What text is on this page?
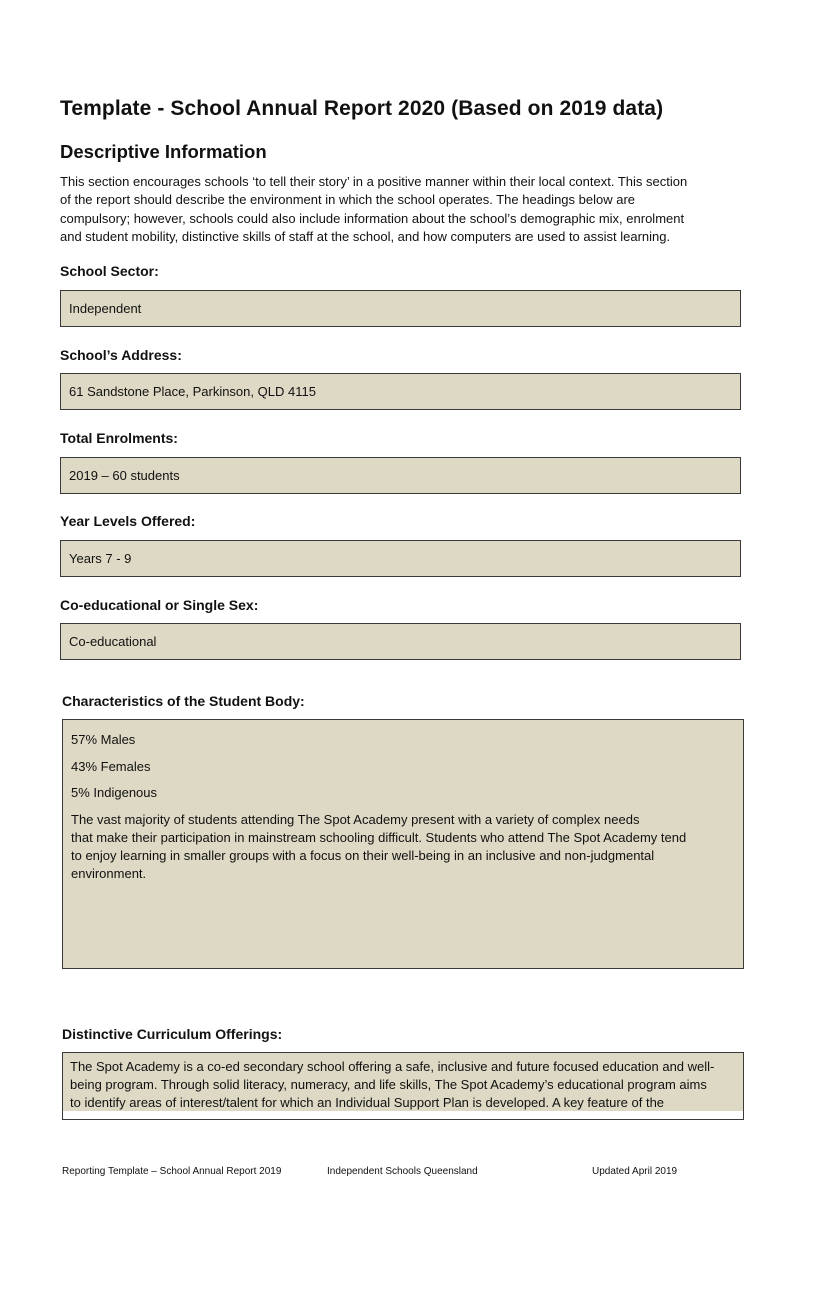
Template - School Annual Report 2020 (Based on 2019 data)
Descriptive Information

This section encourages schools ‘to tell their story’ in a positive manner within their local context. This section
of the report should describe the environment in which the school operates. The headings below are
compulsory; however, schools could also include information about the school’s demographic mix, enrolment
and student mobility, distinctive skills of staff at the school, and how computers are used to assist learning.

School Sector:
Independent
School’s Address:
61 Sandstone Place, Parkinson, QLD 4115
Total Enrolments:
2019 – 60 students
Year Levels Offered:
Years 7 - 9
Co-educational or Single Sex:
Co-educational
Characteristics of the Student Body:

57% Males

43% Females

5% Indigenous

The vast majority of students attending The Spot Academy present with a variety of complex needs
that make their participation in mainstream schooling difficult. Students who attend The Spot Academy tend
to enjoy learning in smaller groups with a focus on their well-being in an inclusive and non-judgmental
environment.
Distinctive Curriculum Offerings:
The Spot Academy is a co-ed secondary school offering a safe, inclusive and future focused education and well-
being program. Through solid literacy, numeracy, and life skills, The Spot Academy’s educational program aims
to identify areas of interest/talent for which an Individual Support Plan is developed. A key feature of the
Reporting Template – School Annual Report 2019	Independent Schools Queensland	Updated April 2019
